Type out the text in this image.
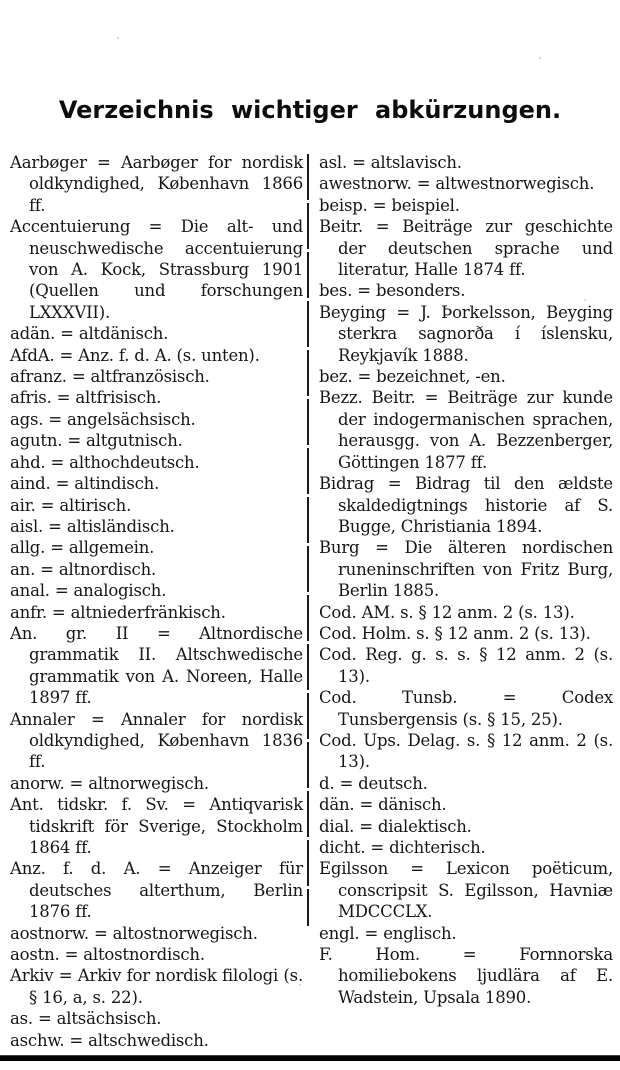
Verzeichnis wichtiger abkürzungen.

Aarbøger = Aarbøger for nordisk oldkyndighed, København 1866 ff.

Accentuierung = Die alt- und neuschwedische accentuierung von A. Kock, Strassburg 1901 (Quellen und forschungen LXXXVII).

adän. = altdänisch.

AfdA. = Anz. f. d. A. (s. unten).

afranz. = altfranzösisch.

afris. = altfrisisch.

ags. = angelsächsisch.

agutn. = altgutnisch.

ahd. = althochdeutsch.

aind. = altindisch.

air. = altirisch.

aisl. = altisländisch.

allg. = allgemein.

an. = altnordisch.

anal. = analogisch.

anfr. = altniederfränkisch.

An. gr. II = Altnordische grammatik II. Altschwedische grammatik von A. Noreen, Halle 1897 ff.

Annaler = Annaler for nordisk oldkyndighed, København 1836 ff.

anorw. = altnorwegisch.

Ant. tidskr. f. Sv. = Antiqvarisk tidskrift för Sverige, Stockholm 1864 ff.

Anz. f. d. A. = Anzeiger für deutsches alterthum, Berlin 1876 ff.

aostnorw. = altostnorwegisch.

aostn. = altostnordisch.

Arkiv = Arkiv for nordisk filologi (s. § 16, a, s. 22).

as. = altsächsisch.

aschw. = altschwedisch.

asl. = altslavisch.

awestnorw. = altwestnorwegisch.

beisp. = beispiel.

Beitr. = Beiträge zur geschichte der deutschen sprache und literatur, Halle 1874 ff.

bes. = besonders.

Beyging = J. Þorkelsson, Beyging sterkra sagnorða í íslensku, Reykjavík 1888.

bez. = bezeichnet, -en.

Bezz. Beitr. = Beiträge zur kunde der indogermanischen sprachen, herausgg. von A. Bezzenberger, Göttingen 1877 ff.

Bidrag = Bidrag til den ældste skaldedigtnings historie af S. Bugge, Christiania 1894.

Burg = Die älteren nordischen runeninschriften von Fritz Burg, Berlin 1885.

Cod. AM. s. § 12 anm. 2 (s. 13).

Cod. Holm. s. § 12 anm. 2 (s. 13).

Cod. Reg. g. s. s. § 12 anm. 2 (s. 13).

Cod. Tunsb. = Codex Tunsbergensis (s. § 15, 25).

Cod. Ups. Delag. s. § 12 anm. 2 (s. 13).

d. = deutsch.

dän. = dänisch.

dial. = dialektisch.

dicht. = dichterisch.

Egilsson = Lexicon poëticum, conscripsit S. Egilsson, Havniæ MDCCCLX.

engl. = englisch.

F. Hom. = Fornnorska homiliebokens ljudlära af E. Wadstein, Upsala 1890.
